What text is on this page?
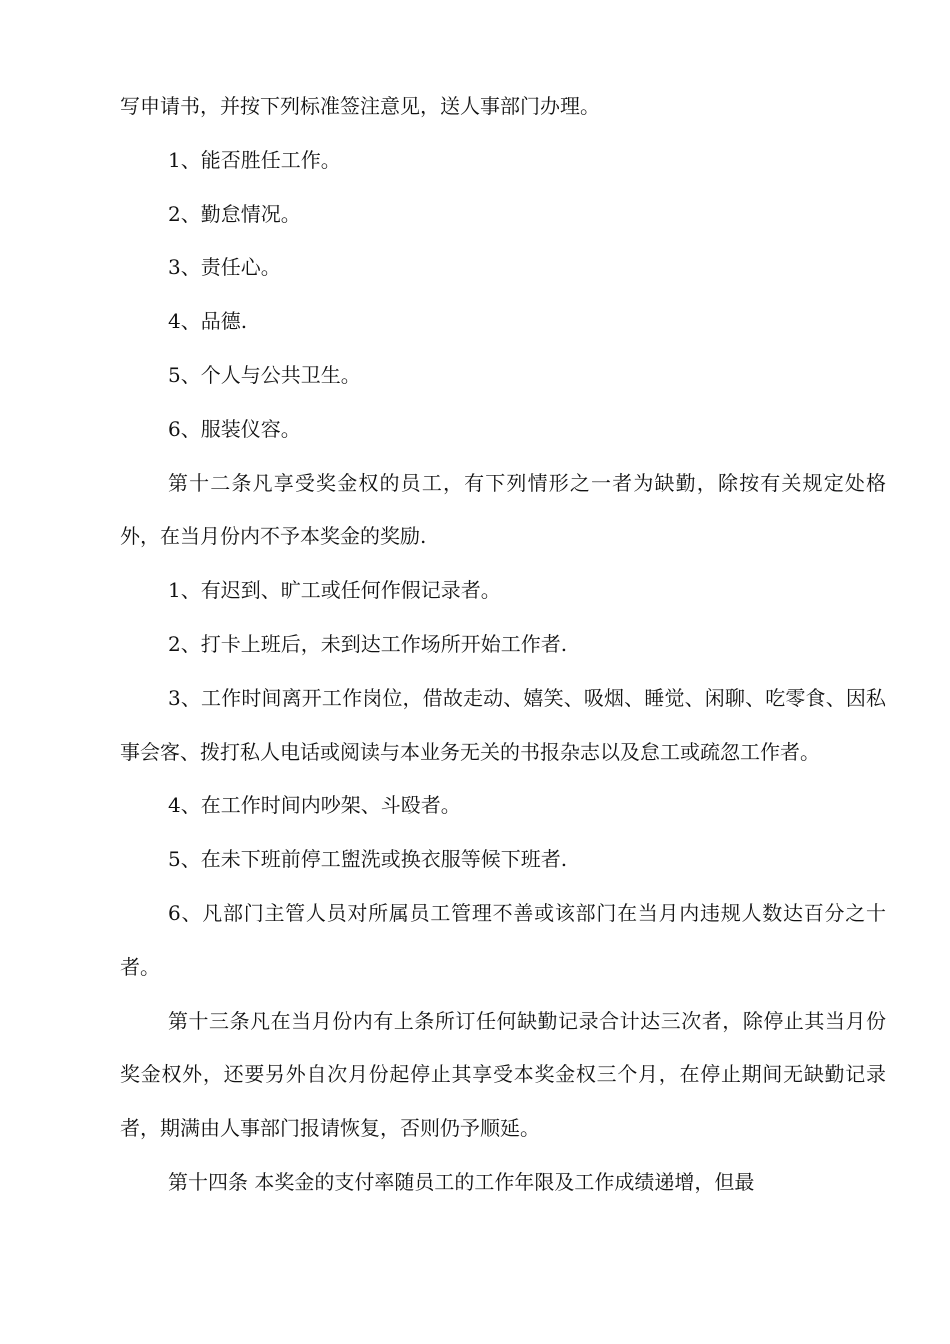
写申请书，并按下列标准签注意见，送人事部门办理。

1、能否胜任工作。

2、勤怠情况。

3、责任心。

4、品德.

5、个人与公共卫生。

6、服装仪容。

第十二条凡享受奖金权的员工，有下列情形之一者为缺勤，除按有关规定处格外，在当月份内不予本奖金的奖励.

1、有迟到、旷工或任何作假记录者。

2、打卡上班后，未到达工作场所开始工作者.

3、工作时间离开工作岗位，借故走动、嬉笑、吸烟、睡觉、闲聊、吃零食、因私事会客、拨打私人电话或阅读与本业务无关的书报杂志以及怠工或疏忽工作者。

4、在工作时间内吵架、斗殴者。

5、在未下班前停工盥洗或换衣服等候下班者.

6、凡部门主管人员对所属员工管理不善或该部门在当月内违规人数达百分之十者。

第十三条凡在当月份内有上条所订任何缺勤记录合计达三次者，除停止其当月份奖金权外，还要另外自次月份起停止其享受本奖金权三个月，在停止期间无缺勤记录者，期满由人事部门报请恢复，否则仍予顺延。

第十四条 本奖金的支付率随员工的工作年限及工作成绩递增，但最
